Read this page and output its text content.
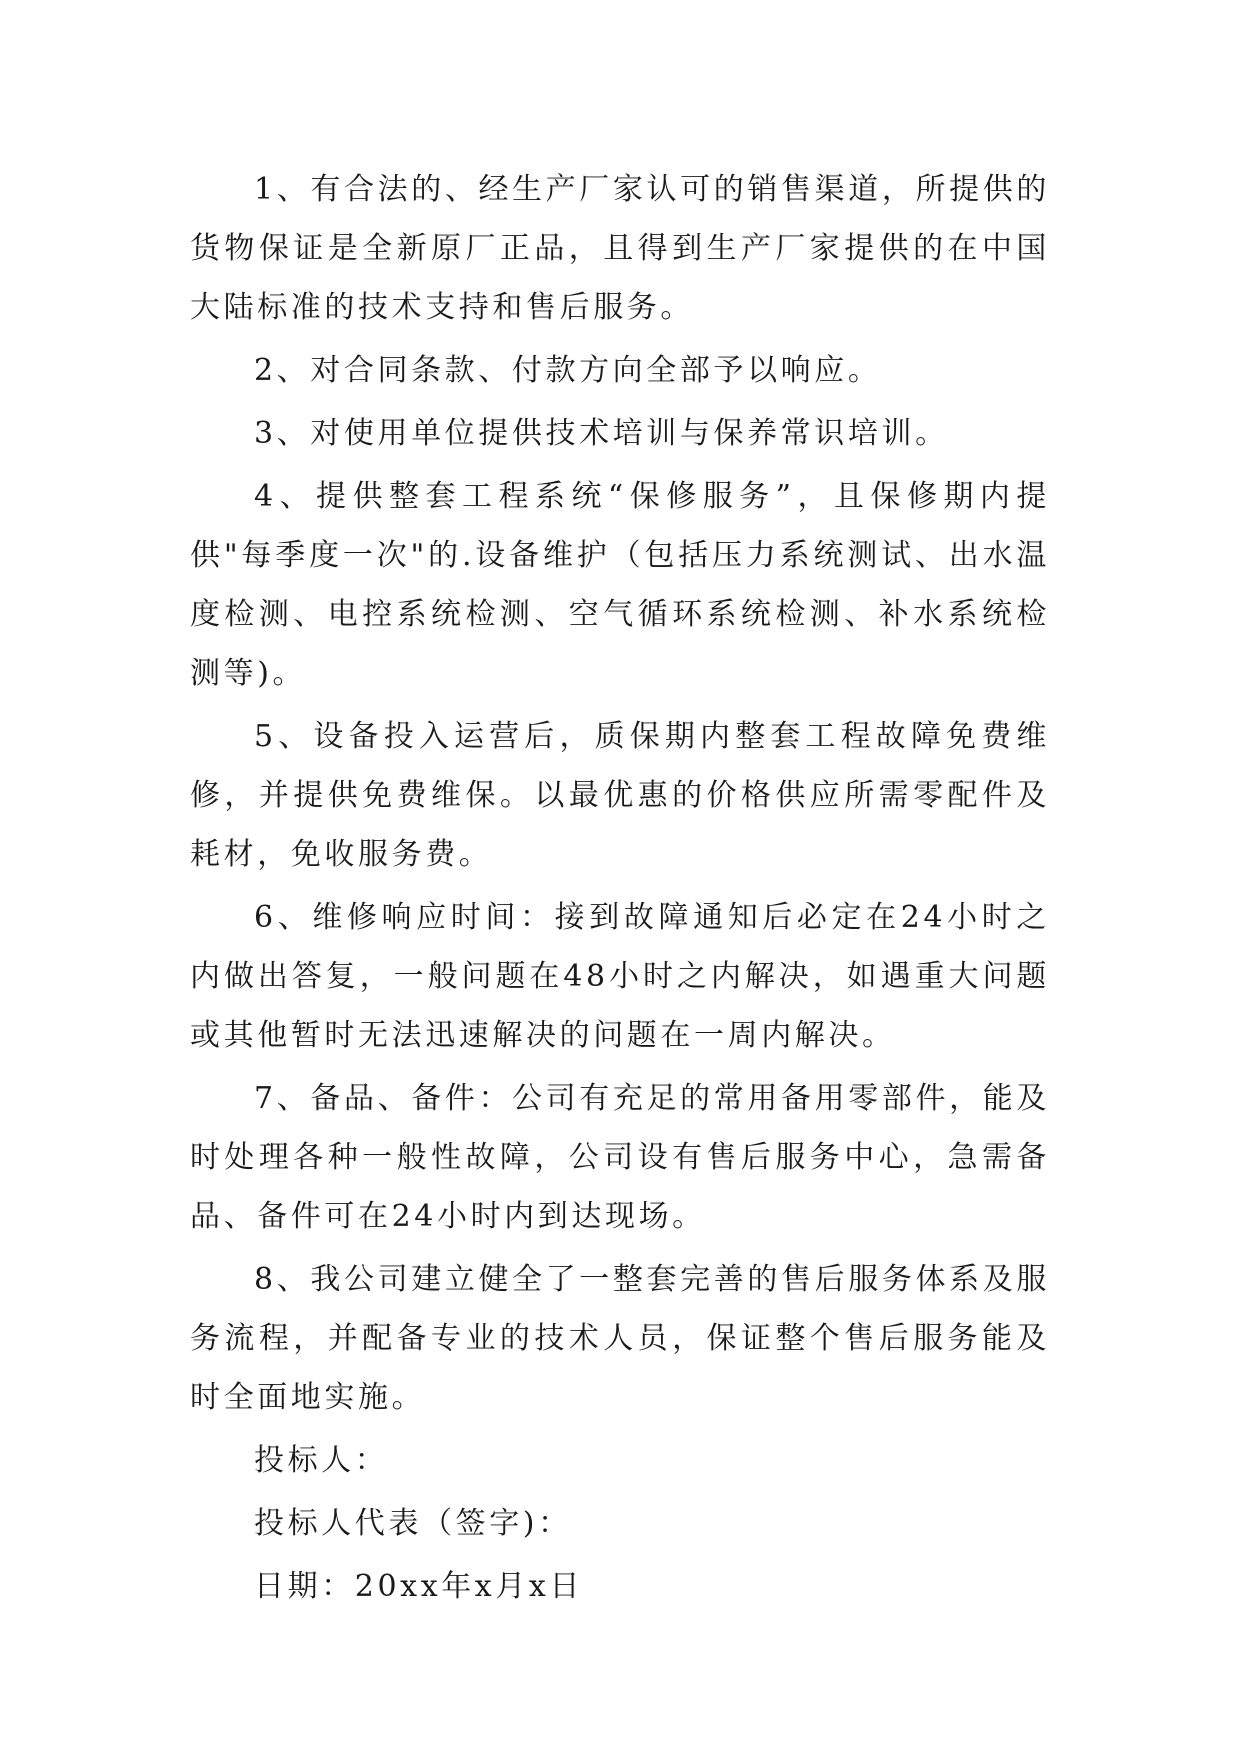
1、有合法的、经生产厂家认可的销售渠道，所提供的货物保证是全新原厂正品，且得到生产厂家提供的在中国大陆标准的技术支持和售后服务。

2、对合同条款、付款方向全部予以响应。

3、对使用单位提供技术培训与保养常识培训。

4、提供整套工程系统“保修服务”，且保修期内提供"每季度一次"的.设备维护（包括压力系统测试、出水温度检测、电控系统检测、空气循环系统检测、补水系统检测等)。

5、设备投入运营后，质保期内整套工程故障免费维修，并提供免费维保。以最优惠的价格供应所需零配件及耗材，免收服务费。

6、维修响应时间：接到故障通知后必定在24小时之内做出答复，一般问题在48小时之内解决，如遇重大问题或其他暂时无法迅速解决的问题在一周内解决。

7、备品、备件：公司有充足的常用备用零部件，能及时处理各种一般性故障，公司设有售后服务中心，急需备品、备件可在24小时内到达现场。

8、我公司建立健全了一整套完善的售后服务体系及服务流程，并配备专业的技术人员，保证整个售后服务能及时全面地实施。

投标人：
投标人代表（签字)：
日期：20xx年x月x日
